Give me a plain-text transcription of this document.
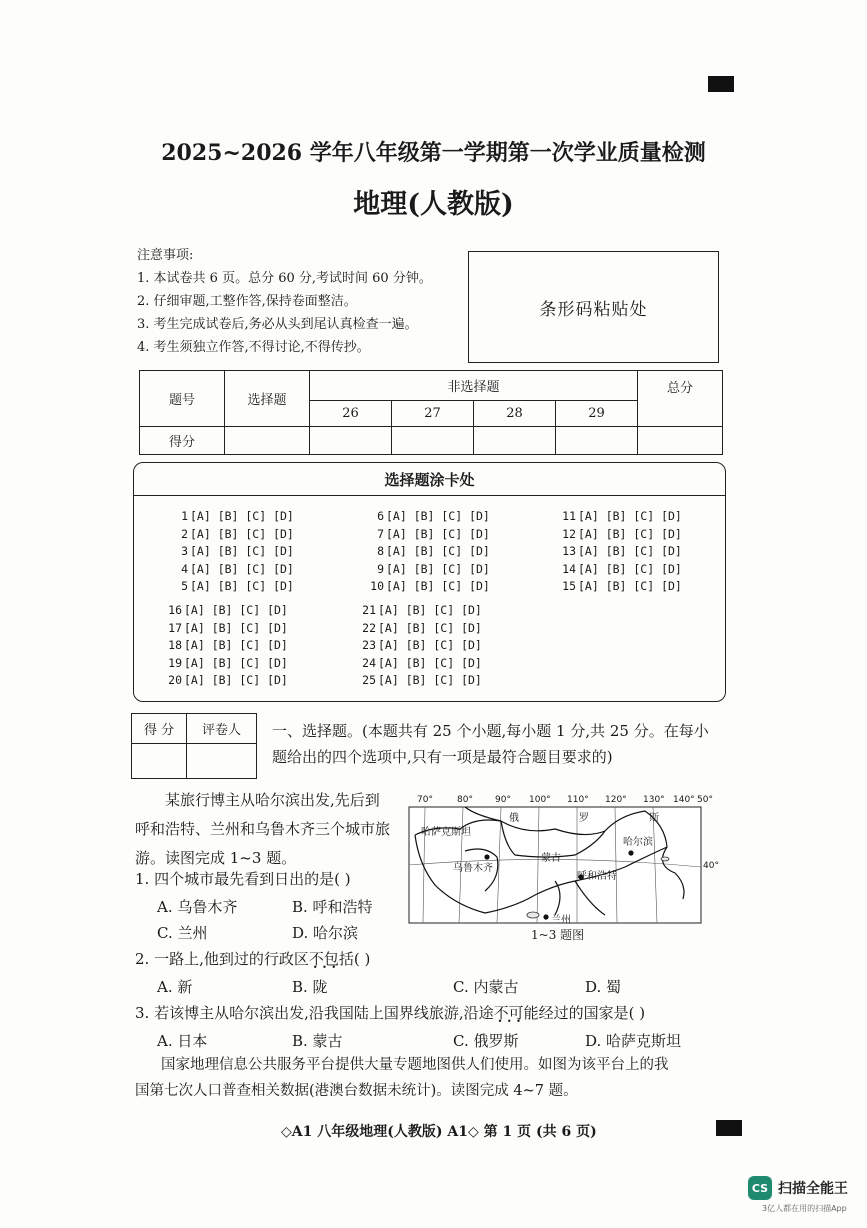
2025~2026 学年八年级第一学期第一次学业质量检测
地理(人教版)
注意事项:
1. 本试卷共 6 页。总分 60 分,考试时间 60 分钟。
2. 仔细审题,工整作答,保持卷面整洁。
3. 考生完成试卷后,务必从头到尾认真检查一遍。
4. 考生须独立作答,不得讨论,不得传抄。
条形码粘贴处
题号	选择题	非选择题				总分
		26	27	28	29	
得分						
选择题涂卡处
1 [A] [B] [C] [D]
2 [A] [B] [C] [D]
3 [A] [B] [C] [D]
4 [A] [B] [C] [D]
5 [A] [B] [C] [D]
6 [A] [B] [C] [D]
7 [A] [B] [C] [D]
8 [A] [B] [C] [D]
9 [A] [B] [C] [D]
10 [A] [B] [C] [D]
11 [A] [B] [C] [D]
12 [A] [B] [C] [D]
13 [A] [B] [C] [D]
14 [A] [B] [C] [D]
15 [A] [B] [C] [D]
16 [A] [B] [C] [D]
17 [A] [B] [C] [D]
18 [A] [B] [C] [D]
19 [A] [B] [C] [D]
20 [A] [B] [C] [D]
21 [A] [B] [C] [D]
22 [A] [B] [C] [D]
23 [A] [B] [C] [D]
24 [A] [B] [C] [D]
25 [A] [B] [C] [D]
得 分	评卷人
	一、选择题。(本题共有 25 个小题,每小题 1 分,共 25 分。在每小
题给出的四个选项中,只有一项是最符合题目要求的)
某旅行博主从哈尔滨出发,先后到
呼和浩特、兰州和乌鲁木齐三个城市旅
游。读图完成 1~3 题。
70°	80° 90° 100° 110° 120° 130° 140° 50°
40°
哈萨克斯坦
俄	罗	斯
蒙古
乌鲁木齐
哈尔滨
呼和浩特
兰州
1~3 题图
1. 四个城市最先看到日出的是( )
A. 乌鲁木齐	B. 呼和浩特
C. 兰州	D. 哈尔滨
2. 一路上,他到过的行政区不包括 • • •( )
A. 新	B. 陇	C. 内蒙古	D. 蜀
3. 若该博主从哈尔滨出发,沿我国陆上国界线旅游,沿途不可能 • • •经过的国家是( )
A. 日本	B. 蒙古	C. 俄罗斯	D. 哈萨克斯坦
国家地理信息公共服务平台提供大量专题地图供人们使用。如图为该平台上的我
国第七次人口普查相关数据(港澳台数据未统计)。读图完成 4~7 题。
◇A1 八年级地理(人教版) A1◇ 第 1 页 (共 6 页)
CS 扫描全能王
3亿人都在用的扫描App
